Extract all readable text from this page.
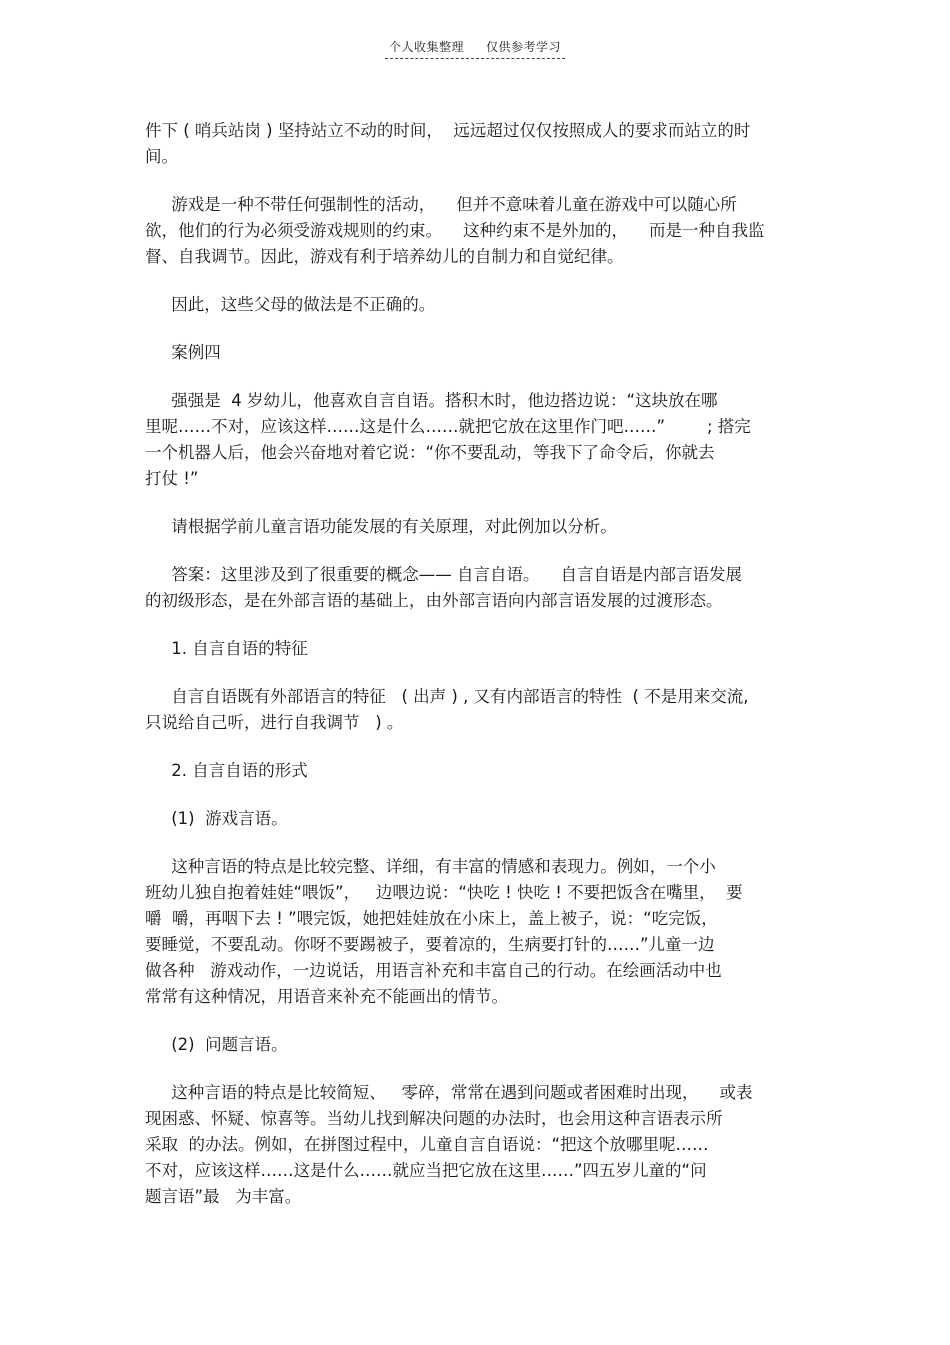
个人收集整理 仅供参考学习
件下 ( 哨兵站岗 ) 坚持站立不动的时间，  远远超过仅仅按照成人的要求而站立的时
间。
游戏是一种不带任何强制性的活动，    但并不意味着儿童在游戏中可以随心所
欲，他们的行为必须受游戏规则的约束。    这种约束不是外加的，    而是一种自我监
督、自我调节。因此，游戏有利于培养幼儿的自制力和自觉纪律。
因此，这些父母的做法是不正确的。
案例四
强强是  4 岁幼儿，他喜欢自言自语。搭积木时，他边搭边说：“这块放在哪
里呢……不对，应该这样……这是什么……就把它放在这里作门吧……”        ; 搭完
一个机器人后，他会兴奋地对着它说：“你不要乱动，等我下了命令后，你就去
打仗 !”
请根据学前儿童言语功能发展的有关原理，对此例加以分析。
答案：这里涉及到了很重要的概念—— 自言自语。    自言自语是内部言语发展
的初级形态，是在外部言语的基础上，由外部言语向内部言语发展的过渡形态。
1. 自言自语的特征
自言自语既有外部语言的特征   ( 出声 ) , 又有内部语言的特性  ( 不是用来交流,
只说给自己听，进行自我调节   ) 。
2. 自言自语的形式
(1)  游戏言语。
这种言语的特点是比较完整、详细，有丰富的情感和表现力。例如，一个小
班幼儿独自抱着娃娃“喂饭”，   边喂边说：“快吃 ! 快吃 ! 不要把饭含在嘴里，  要
嚼  嚼，再咽下去 ! ”喂完饭，她把娃娃放在小床上，盖上被子，说：“吃完饭，
要睡觉，不要乱动。你呀不要踢被子，要着凉的，生病要打针的……”儿童一边
做各种   游戏动作，一边说话，用语言补充和丰富自己的行动。在绘画活动中也
常常有这种情况，用语音来补充不能画出的情节。
(2)  问题言语。
这种言语的特点是比较简短、   零碎，常常在遇到问题或者困难时出现，    或表
现困惑、怀疑、惊喜等。当幼儿找到解决问题的办法时，也会用这种言语表示所
采取  的办法。例如，在拼图过程中，儿童自言自语说：“把这个放哪里呢……
不对，应该这样……这是什么……就应当把它放在这里……”四五岁儿童的“问
题言语”最   为丰富。
